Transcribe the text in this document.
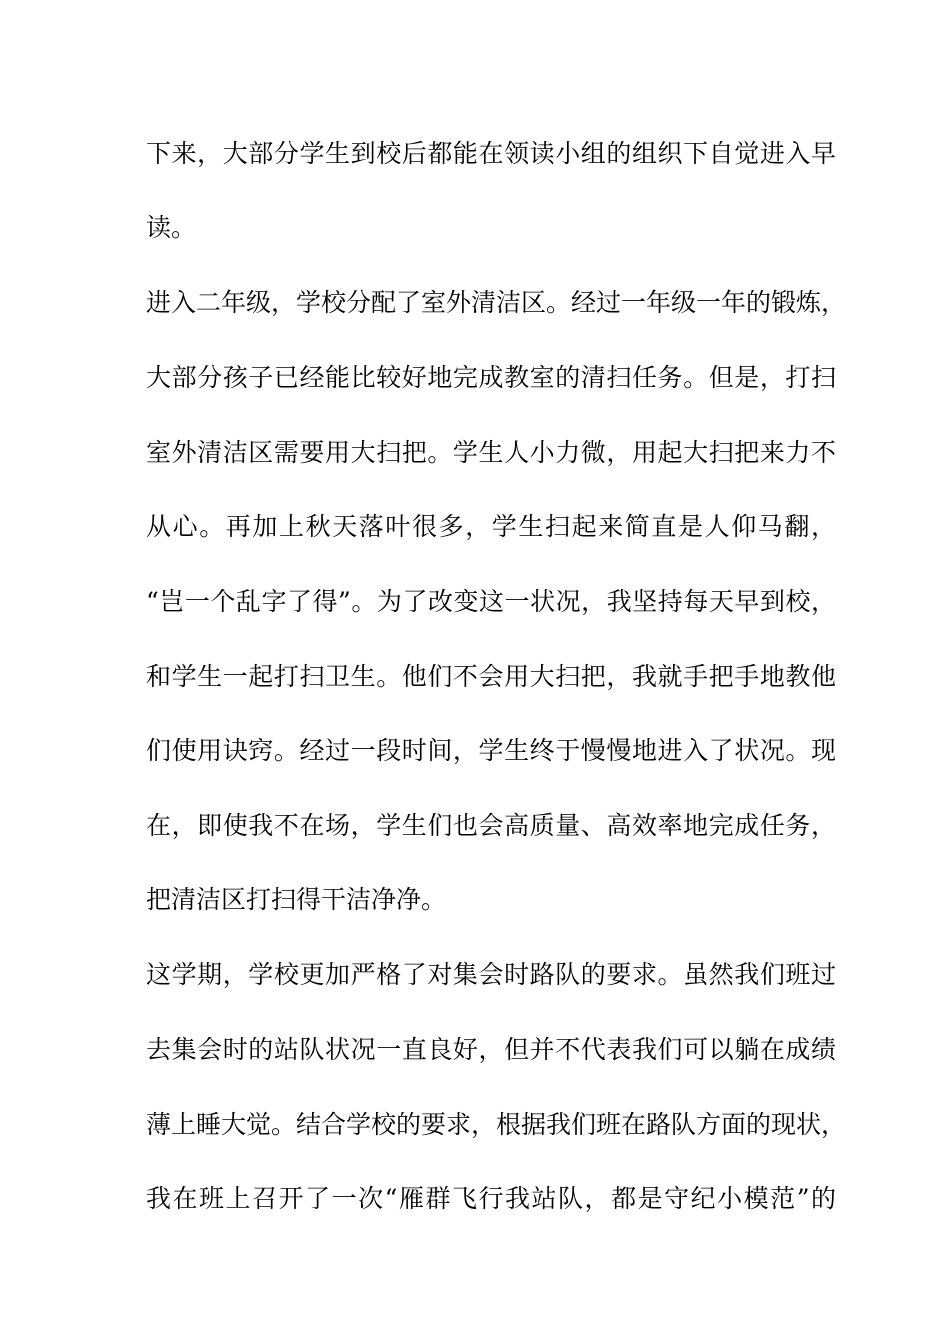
下来，大部分学生到校后都能在领读小组的组织下自觉进入早
读。
进入二年级，学校分配了室外清洁区。经过一年级一年的锻炼，
大部分孩子已经能比较好地完成教室的清扫任务。但是，打扫
室外清洁区需要用大扫把。学生人小力微，用起大扫把来力不
从心。再加上秋天落叶很多，学生扫起来简直是人仰马翻，
“岂一个乱字了得”。为了改变这一状况，我坚持每天早到校，
和学生一起打扫卫生。他们不会用大扫把，我就手把手地教他
们使用诀窍。经过一段时间，学生终于慢慢地进入了状况。现
在，即使我不在场，学生们也会高质量、高效率地完成任务，
把清洁区打扫得干洁净净。
这学期，学校更加严格了对集会时路队的要求。虽然我们班过
去集会时的站队状况一直良好，但并不代表我们可以躺在成绩
薄上睡大觉。结合学校的要求，根据我们班在路队方面的现状，
我在班上召开了一次“雁群飞行我站队，都是守纪小模范”的
